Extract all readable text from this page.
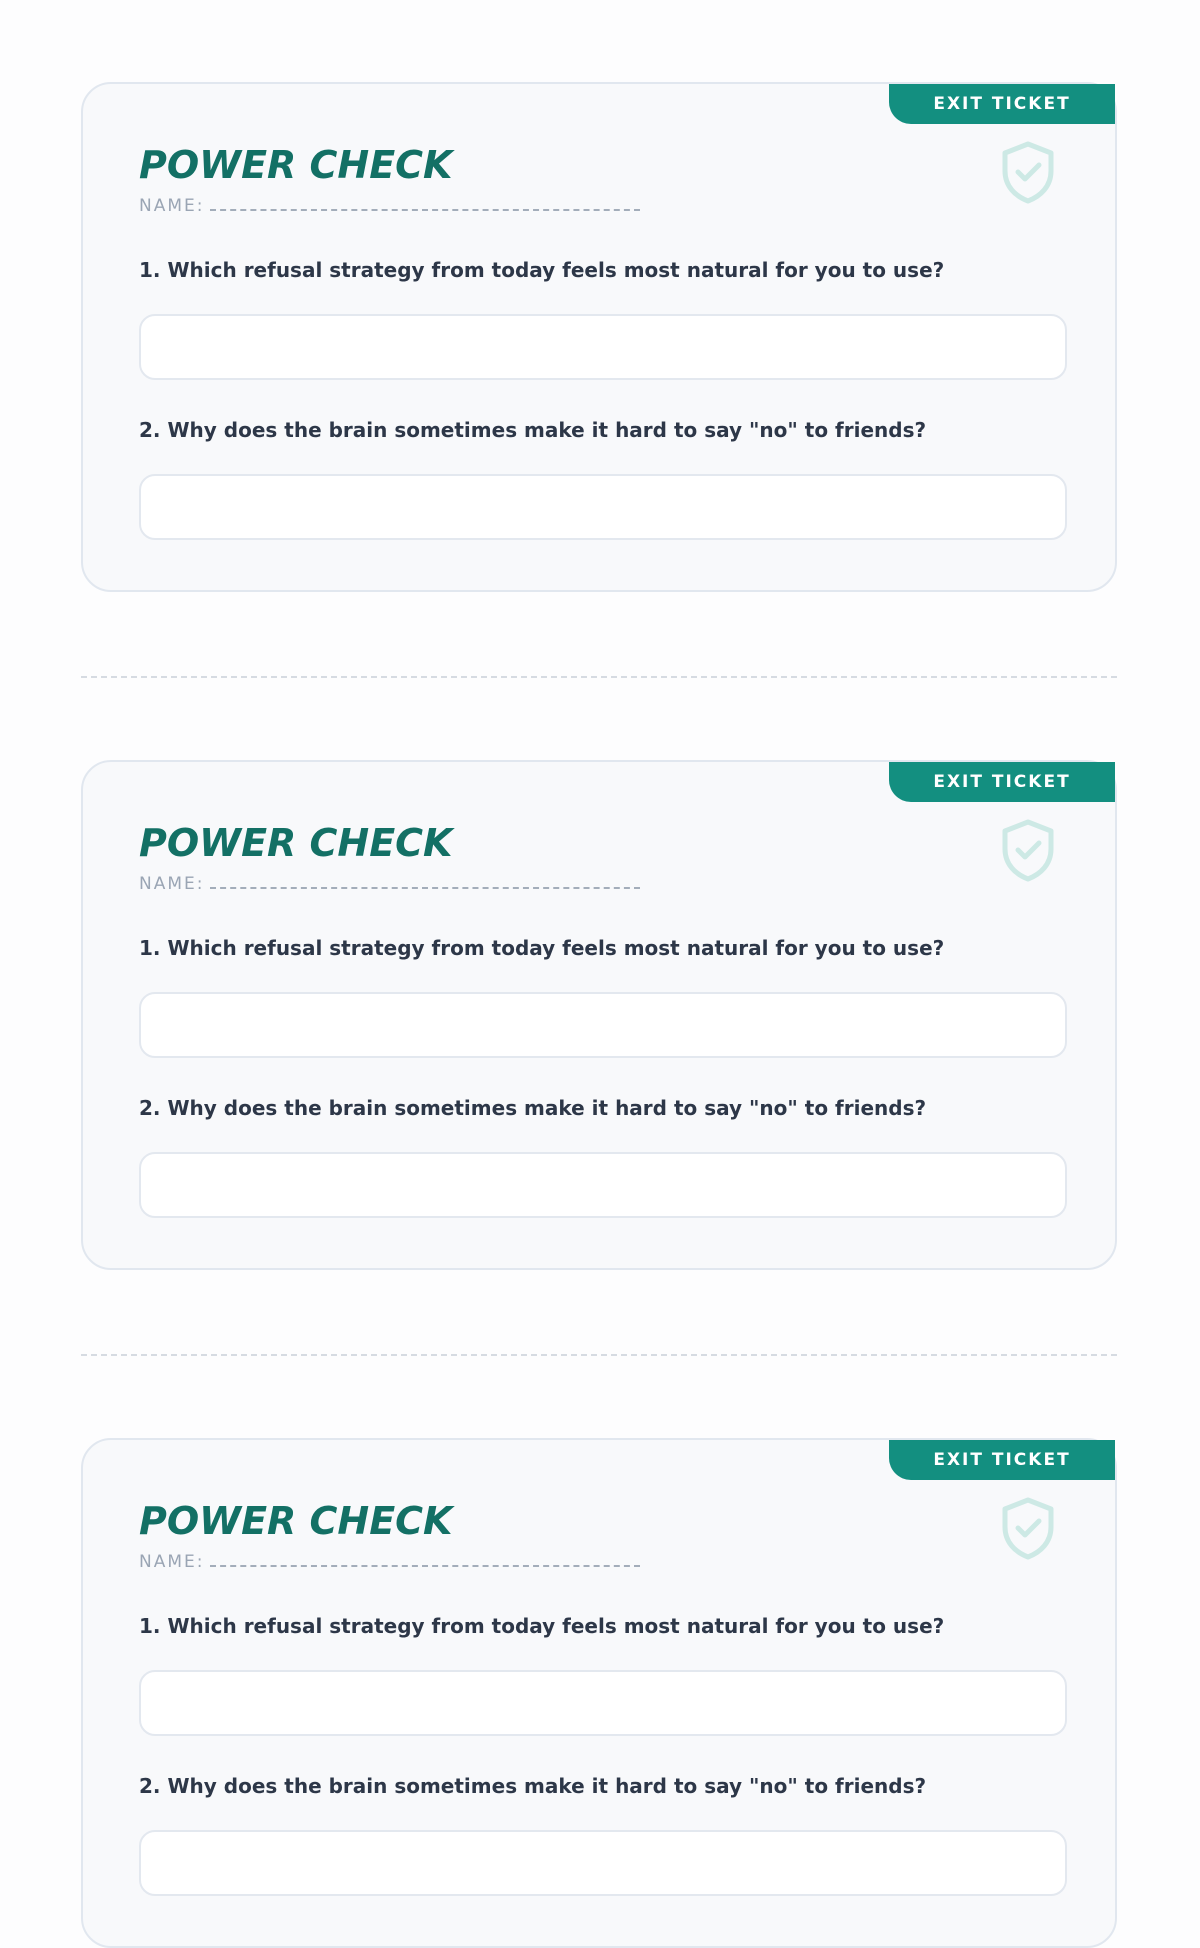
EXIT TICKET
POWER CHECK
NAME:

1. Which refusal strategy from today feels most natural for you to use?

2. Why does the brain sometimes make it hard to say "no" to friends?

EXIT TICKET
POWER CHECK
NAME:

1. Which refusal strategy from today feels most natural for you to use?

2. Why does the brain sometimes make it hard to say "no" to friends?

EXIT TICKET
POWER CHECK
NAME:

1. Which refusal strategy from today feels most natural for you to use?

2. Why does the brain sometimes make it hard to say "no" to friends?
